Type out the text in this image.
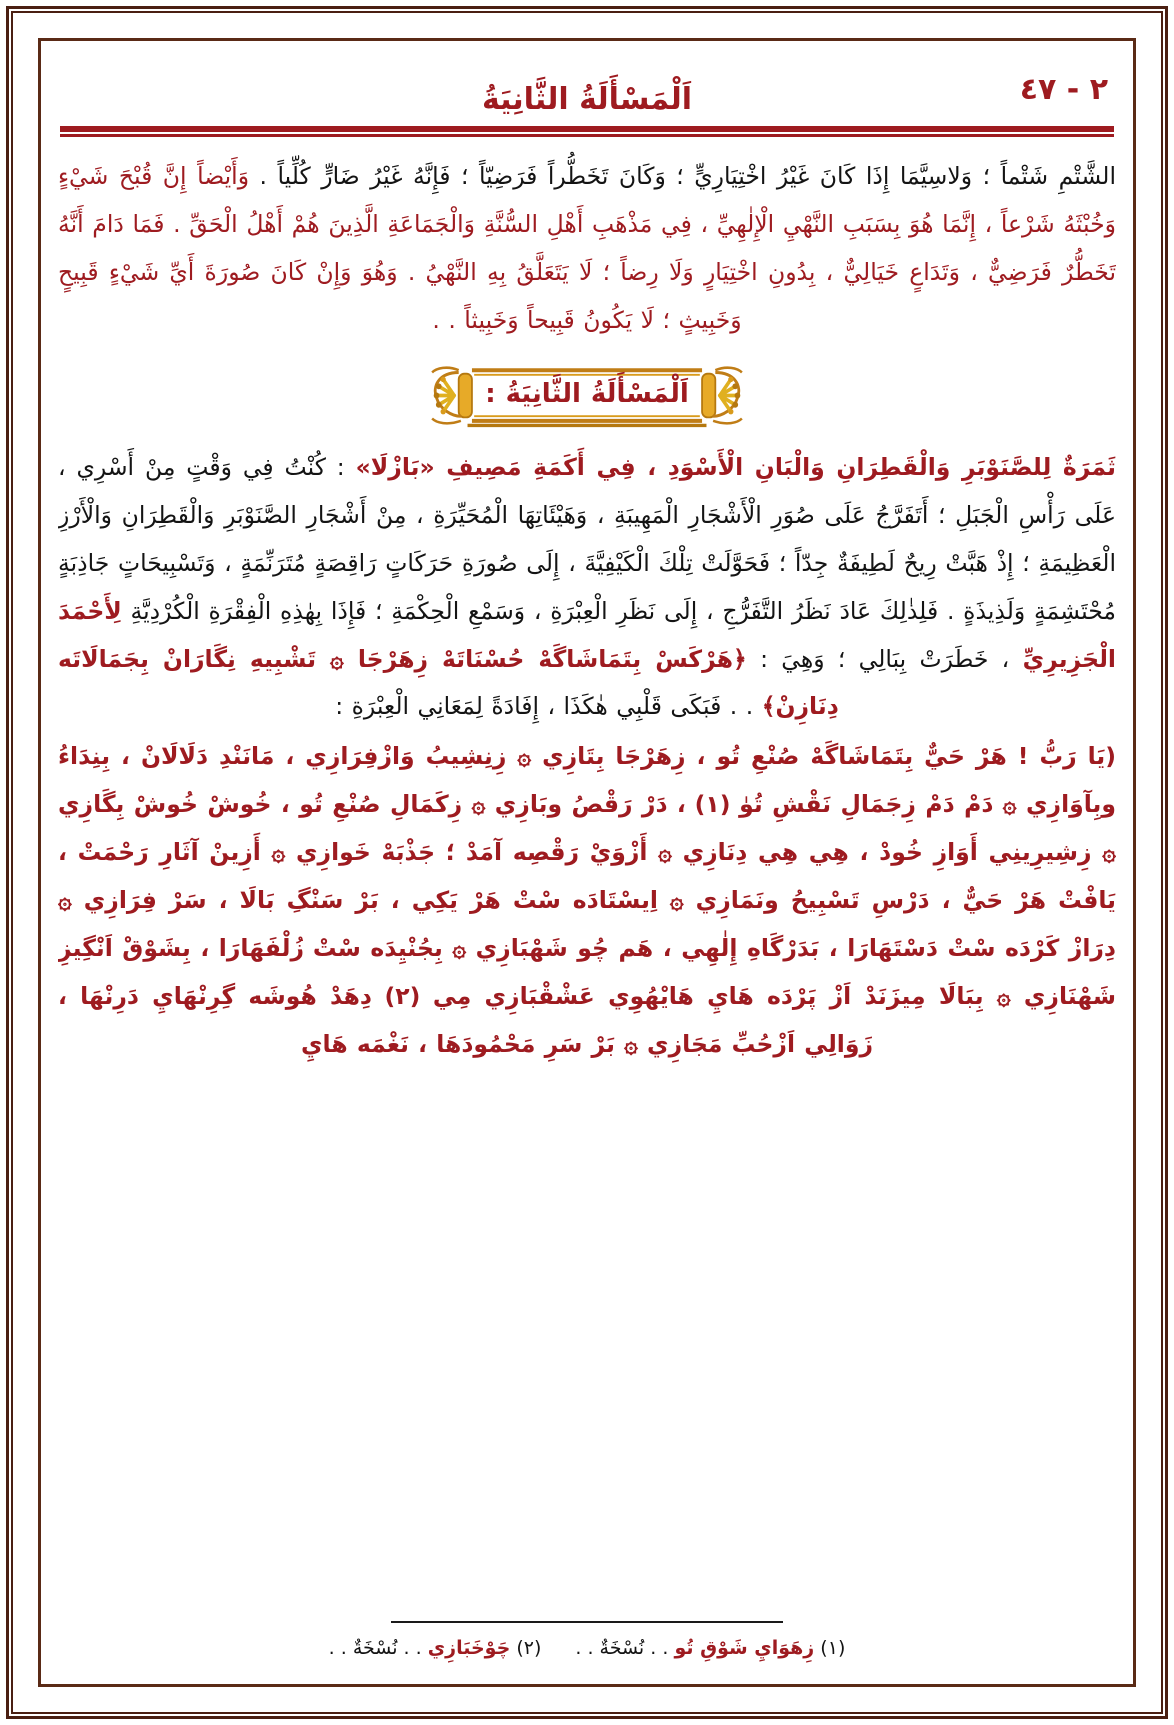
اَلْمَسْأَلَةُ الثَّانِيَةُ	٢ - ٤٧

الشَّتْمِ شَتْماً ؛ وَلاسِيَّمَا إِذَا كَانَ غَيْرُ اخْتِيَارِيٍّ ؛ وَكَانَ تَخَطُّراً فَرَضِيّاً ؛ فَإِنَّهُ غَيْرُ ضَارٍّ كُلِّياً . وَأَيْضاً إِنَّ قُبْحَ شَيْءٍ وَخُبْثَهُ شَرْعاً ، إِنَّمَا هُوَ بِسَبَبِ النَّهْيِ الْإِلٰهِيِّ ، فِي مَذْهَبِ أَهْلِ السُّنَّةِ وَالْجَمَاعَةِ الَّذِينَ هُمْ أَهْلُ الْحَقِّ . فَمَا دَامَ أَنَّهُ تَخَطُّرٌ فَرَضِيٌّ ، وَتَدَاعٍ خَيَالِيٌّ ، بِدُونِ اخْتِيَارٍ وَلَا رِضاً ؛ لَا يَتَعَلَّقُ بِهِ النَّهْيُ . وَهُوَ وَإِنْ كَانَ صُورَةَ أَيِّ شَيْءٍ قَبِيحٍ وَخَبِيثٍ ؛ لَا يَكُونُ قَبِيحاً وَخَبِيثاً . .

اَلْمَسْأَلَةُ الثَّانِيَةُ :

ثَمَرَةٌ لِلصَّنَوْبَرِ وَالْقَطِرَانِ وَالْبَانِ الْأَسْوَدِ ، فِي أَكَمَةِ مَصِيفِ «بَازْلَا» : كُنْتُ فِي وَقْتٍ مِنْ أَسْرِي ، عَلَى رَأْسِ الْجَبَلِ ؛ أَتَفَرَّجُ عَلَى صُوَرِ الْأَشْجَارِ الْمَهِيبَةِ ، وَهَيْئَاتِهَا الْمُحَيِّرَةِ ، مِنْ أَشْجَارِ الصَّنَوْبَرِ وَالْقَطِرَانِ وَالْأَرْزِ الْعَظِيمَةِ ؛ إِذْ هَبَّتْ رِيحٌ لَطِيفَةٌ جِدّاً ؛ فَحَوَّلَتْ تِلْكَ الْكَيْفِيَّةَ ، إِلَى صُورَةِ حَرَكَاتٍ رَاقِصَةٍ مُتَرَنِّمَةٍ ، وَتَسْبِيحَاتٍ جَاذِبَةٍ مُحْتَشِمَةٍ وَلَذِيذَةٍ . فَلِذٰلِكَ عَادَ نَظَرُ التَّفَرُّجِ ، إِلَى نَظَرِ الْعِبْرَةِ ، وَسَمْعِ الْحِكْمَةِ ؛ فَإِذَا بِهٰذِهِ الْفِقْرَةِ الْكُرْدِيَّةِ لِأَحْمَدَ الْجَزِيرِيِّ ، خَطَرَتْ بِبَالِي ؛ وَهِيَ : ﴿هَرْكَسْ بِتَمَاشَاگَهْ حُسْنَاتَهْ زِهَرْجَا ۞ تَشْبِيهِ نِگَارَانْ بِجَمَالَاتَه دِنَازِنْ﴾ . . فَبَكَى قَلْبِي هٰكَذَا ، إِفَادَةً لِمَعَانِي الْعِبْرَةِ :

(يَا رَبُّ ! هَرْ حَيٌّ بِتَمَاشَاگَهْ صُنْعِ تُو ، زِهَرْجَا بِتَازِي ۞ زِنِشِيبُ وَازْفِرَازِي ، مَانَنْدِ دَلَالَانْ ، بِنِدَاءُ وبِآوَازِي ۞ دَمْ دَمْ زِجَمَالِ نَقْشِ تُوٰ (١) ، دَرْ رَقْصُ وبَازِي ۞ زِكَمَالِ صُنْعِ تُو ، خُوشْ خُوشْ بِگَازِي ۞ زِشِيرِينِي أَوَازِ خُودْ ، هِي هِي دِنَازِي ۞ أَزْوَيْ رَقْصِه آمَدْ ؛ جَذْبَهْ خَوازِي ۞ أَزِينْ آثَارِ رَحْمَتْ ، يَافْتْ هَرْ حَيٌّ ، دَرْسِ تَسْبِيحُ ونَمَازِي ۞ اِيسْتَادَه سْتْ هَرْ يَكِي ، بَرْ سَنْگِ بَالَا ، سَرْ فِرَازِي ۞ دِرَازْ كَرْدَه سْتْ دَسْتَهَارَا ، بَدَرْگَاهِ إِلٰهِي ، هَم چُو شَهْبَازِي ۞ بِجُنْيِدَه سْتْ زُلْفَهَارَا ، بِشَوْقْ اَنْگِيزِ شَهْنَازِي ۞ بِبَالَا مِيزَنَدْ اَزْ پَرْدَه هَايِ هَايْهُوِي عَشْقْبَازِي مِي (٢) دِهَدْ هُوشَه گِرِنْهَايِ دَرِنْهَا ، زَوَالِي اَزْحُبِّ مَجَازِي ۞ بَرْ سَرِ مَحْمُودَهَا ، نَغْمَه هَايِ

(١) زِهَوَايِ شَوْقِ تُو . . نُسْخَةٌ . .
(٢) چَوْخَبَازِي . . نُسْخَةٌ . .
